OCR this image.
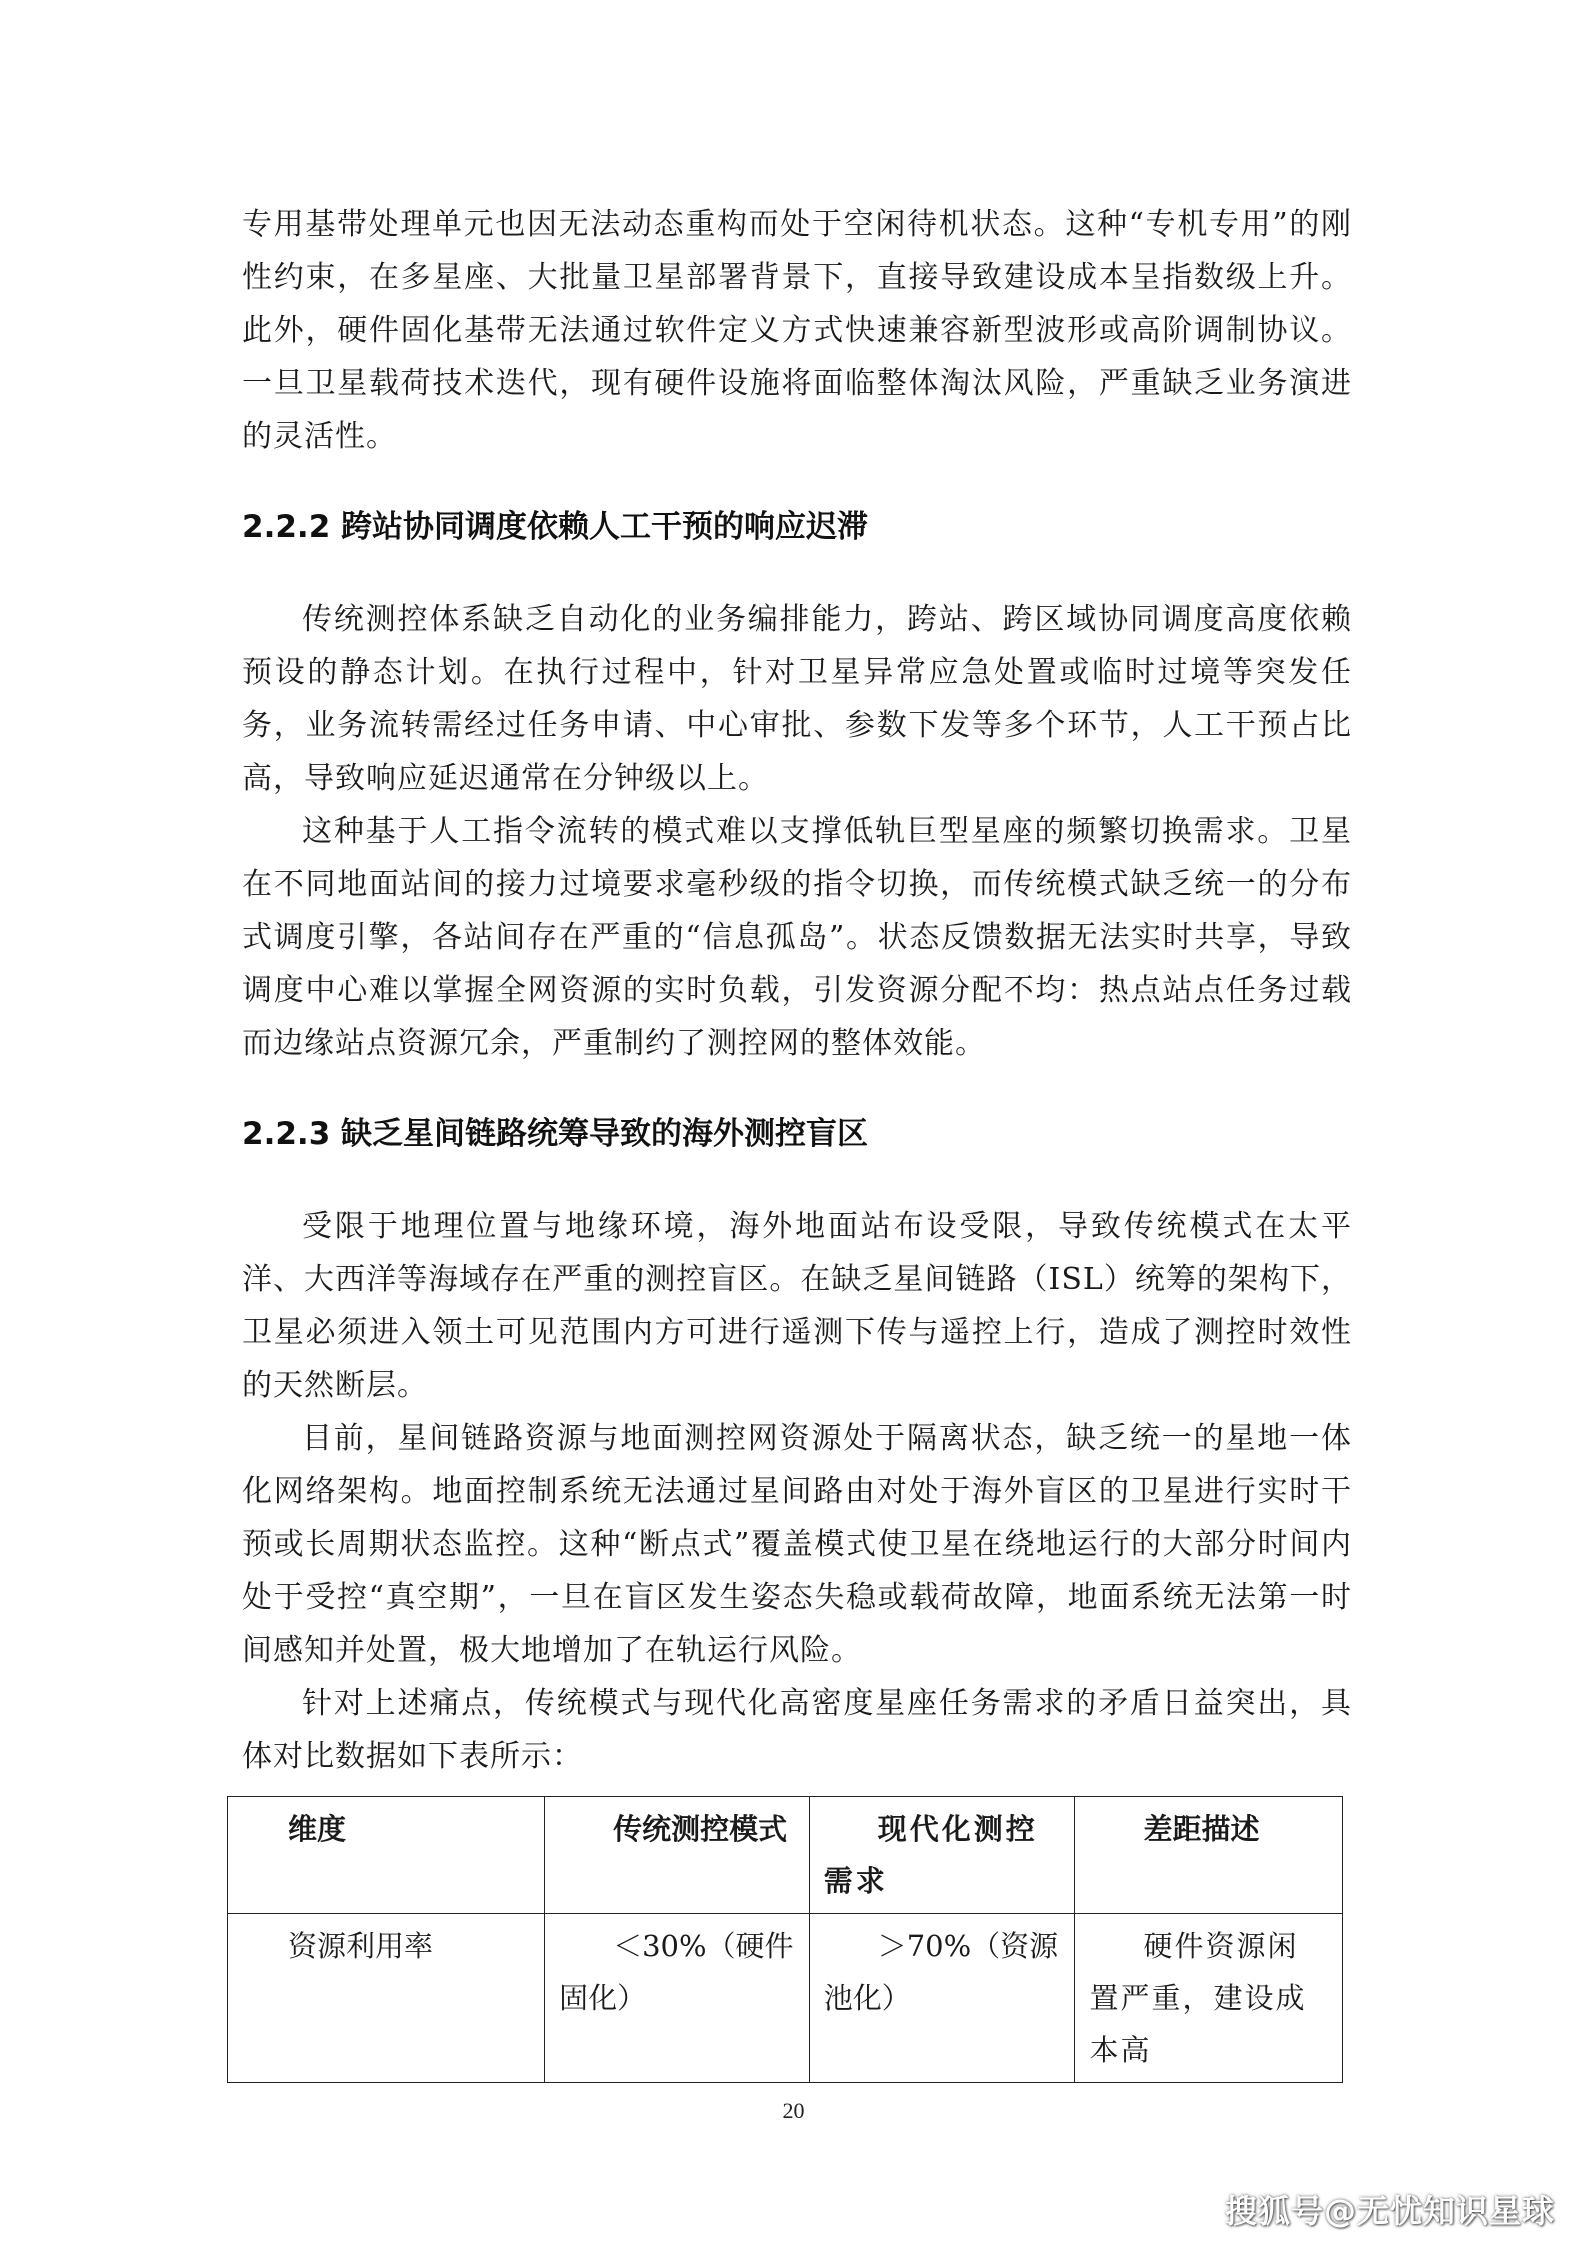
专用基带处理单元也因无法动态重构而处于空闲待机状态。这种“专机专用”的刚性约束，在多星座、大批量卫星部署背景下，直接导致建设成本呈指数级上升。此外，硬件固化基带无法通过软件定义方式快速兼容新型波形或高阶调制协议。一旦卫星载荷技术迭代，现有硬件设施将面临整体淘汰风险，严重缺乏业务演进的灵活性。

2.2.2 跨站协同调度依赖人工干预的响应迟滞

传统测控体系缺乏自动化的业务编排能力，跨站、跨区域协同调度高度依赖预设的静态计划。在执行过程中，针对卫星异常应急处置或临时过境等突发任务，业务流转需经过任务申请、中心审批、参数下发等多个环节，人工干预占比高，导致响应延迟通常在分钟级以上。

这种基于人工指令流转的模式难以支撑低轨巨型星座的频繁切换需求。卫星在不同地面站间的接力过境要求毫秒级的指令切换，而传统模式缺乏统一的分布式调度引擎，各站间存在严重的“信息孤岛”。状态反馈数据无法实时共享，导致调度中心难以掌握全网资源的实时负载，引发资源分配不均：热点站点任务过载而边缘站点资源冗余，严重制约了测控网的整体效能。

2.2.3 缺乏星间链路统筹导致的海外测控盲区

受限于地理位置与地缘环境，海外地面站布设受限，导致传统模式在太平洋、大西洋等海域存在严重的测控盲区。在缺乏星间链路（ISL）统筹的架构下，卫星必须进入领土可见范围内方可进行遥测下传与遥控上行，造成了测控时效性的天然断层。

目前，星间链路资源与地面测控网资源处于隔离状态，缺乏统一的星地一体化网络架构。地面控制系统无法通过星间路由对处于海外盲区的卫星进行实时干预或长周期状态监控。这种“断点式”覆盖模式使卫星在绕地运行的大部分时间内处于受控“真空期”，一旦在盲区发生姿态失稳或载荷故障，地面系统无法第一时间感知并处置，极大地增加了在轨运行风险。

针对上述痛点，传统模式与现代化高密度星座任务需求的矛盾日益突出，具体对比数据如下表所示：

维度	传统测控模式	现代化测控需求	差距描述
资源利用率	＜30%（硬件固化）	＞70%（资源池化）	硬件资源闲置严重，建设成本高
20
搜狐号@无忧知识星球
